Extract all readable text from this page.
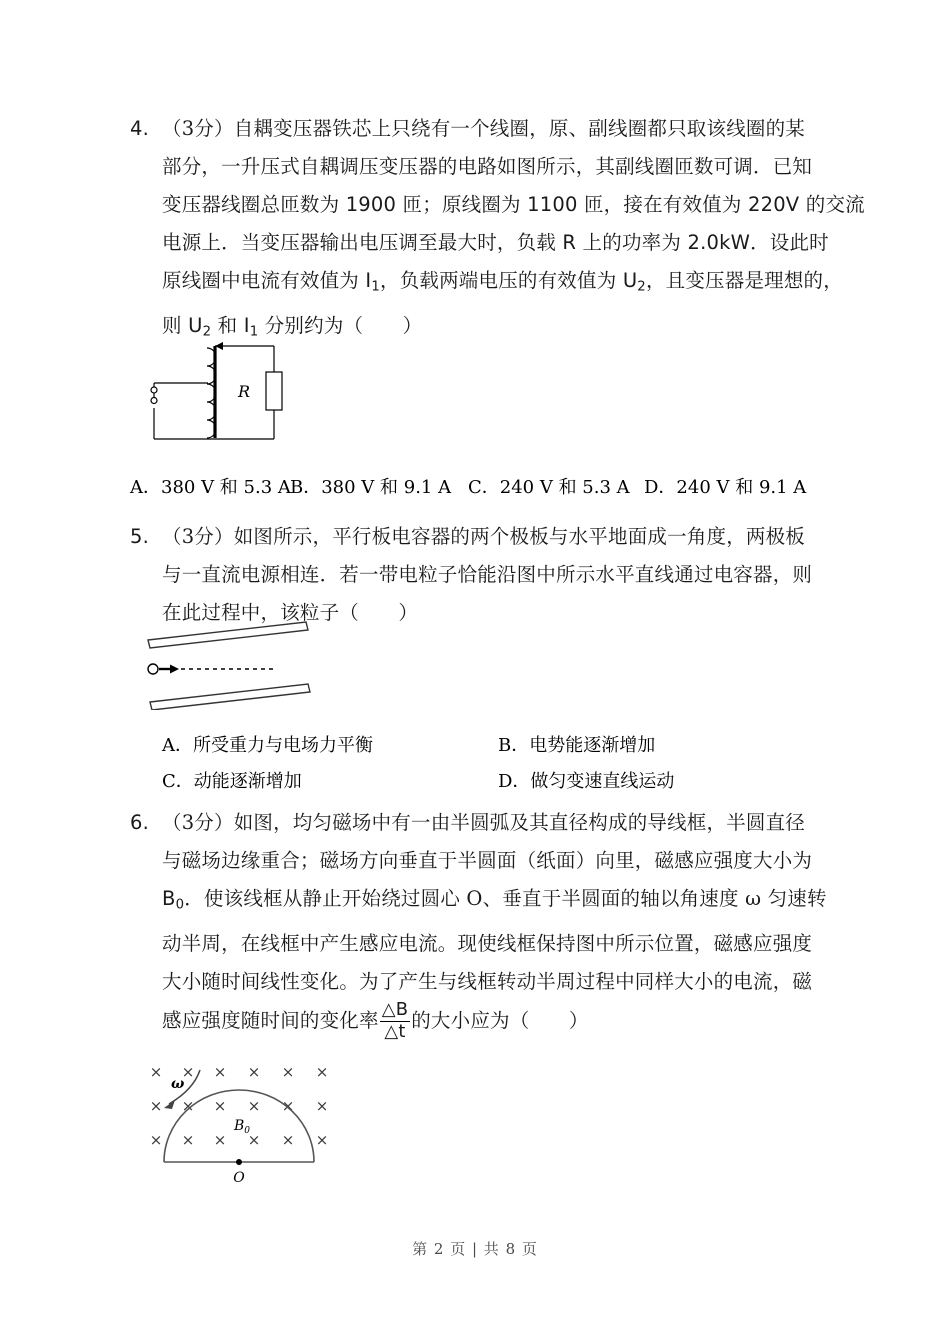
4. （3分）自耦变压器铁芯上只绕有一个线圈，原、副线圈都只取该线圈的某
部分，一升压式自耦调压变压器的电路如图所示，其副线圈匝数可调．已知
变压器线圈总匝数为 1900 匝；原线圈为 1100 匝，接在有效值为 220V 的交流
电源上．当变压器输出电压调至最大时，负载 R 上的功率为 2.0kW．设此时
原线圈中电流有效值为 $I_1$，负载两端电压的有效值为 $U_2$，且变压器是理想的，
则 $U_2$ 和 $I_1$ 分别约为（　　）
R
A．380 V 和 5.3 AB．380 V 和 9.1 A C．240 V 和 5.3 A D．240 V 和 9.1 A
5. （3分）如图所示，平行板电容器的两个极板与水平地面成一角度，两极板
与一直流电源相连．若一带电粒子恰能沿图中所示水平直线通过电容器，则
在此过程中，该粒子（　　）
A．所受重力与电场力平衡	B．电势能逐渐增加
C．动能逐渐增加	D．做匀变速直线运动
6. （3分）如图，均匀磁场中有一由半圆弧及其直径构成的导线框，半圆直径
与磁场边缘重合；磁场方向垂直于半圆面（纸面）向里，磁感应强度大小为
$B_0$．使该线框从静止开始绕过圆心 O、垂直于半圆面的轴以角速度 ω 匀速转
动半周，在线框中产生感应电流。现使线框保持图中所示位置，磁感应强度
大小随时间线性变化。为了产生与线框转动半周过程中同样大小的电流，磁
感应强度随时间的变化率 $\frac{\triangle B}{\triangle t}$ 的大小应为（　　）
× × × × × ×
× × × × × ×
× × × × × ×
O
$B_0$
ω
第 2 页 | 共 8 页
